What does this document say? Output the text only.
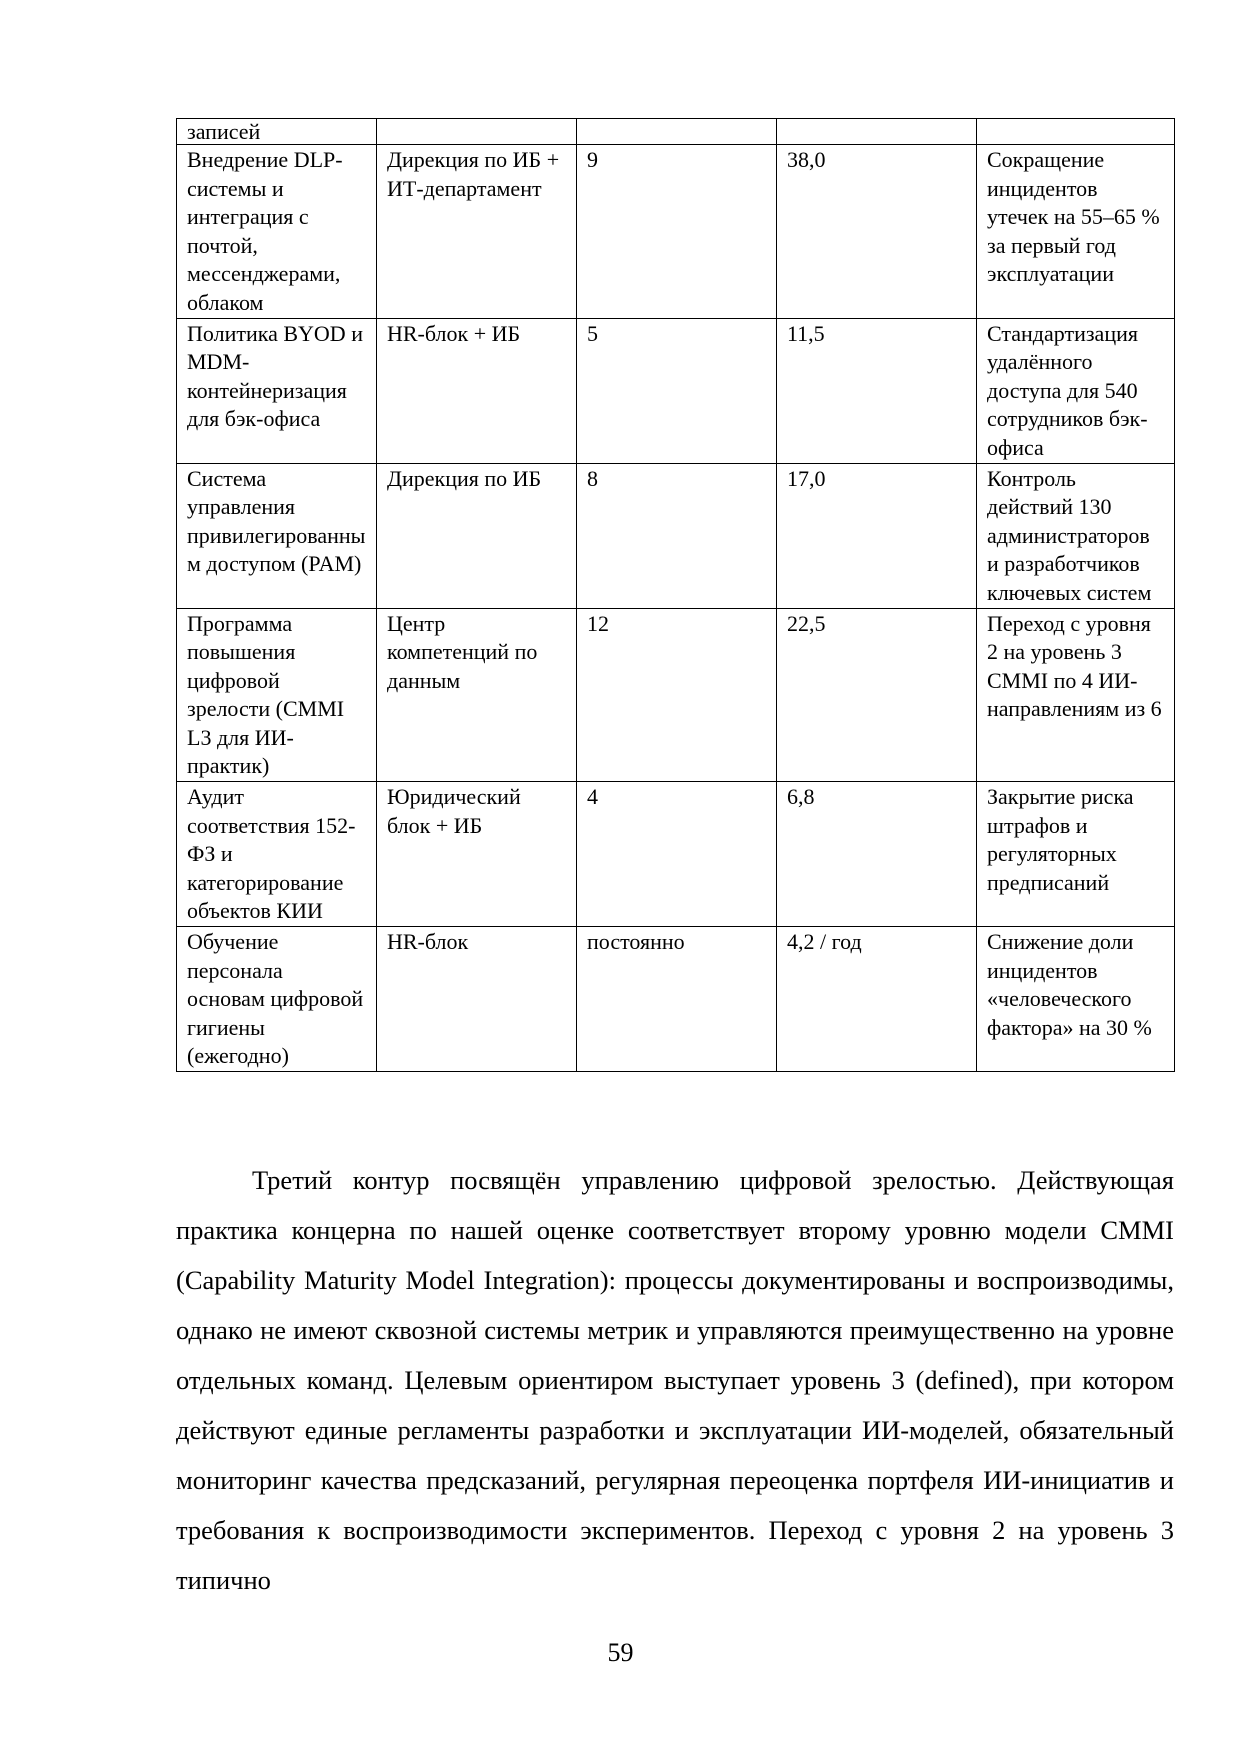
записей				
Внедрение DLP-системы и интеграция с почтой, мессенджерами, облаком	Дирекция по ИБ + ИТ-департамент	9	38,0	Сокращение инцидентов утечек на 55–65 % за первый год эксплуатации
Политика BYOD и MDM-контейнеризация для бэк-офиса	HR-блок + ИБ	5	11,5	Стандартизация удалённого доступа для 540 сотрудников бэк-офиса
Система управления привилегированным доступом (PAM)	Дирекция по ИБ	8	17,0	Контроль действий 130 администраторов и разработчиков ключевых систем
Программа повышения цифровой зрелости (CMMI L3 для ИИ-практик)	Центр компетенций по данным	12	22,5	Переход с уровня 2 на уровень 3 CMMI по 4 ИИ-направлениям из 6
Аудит соответствия 152-ФЗ и категорирование объектов КИИ	Юридический блок + ИБ	4	6,8	Закрытие риска штрафов и регуляторных предписаний
Обучение персонала основам цифровой гигиены (ежегодно)	HR-блок	постоянно	4,2 / год	Снижение доли инцидентов «человеческого фактора» на 30 %

Третий контур посвящён управлению цифровой зрелостью. Действующая практика концерна по нашей оценке соответствует второму уровню модели CMMI (Capability Maturity Model Integration): процессы документированы и воспроизводимы, однако не имеют сквозной системы метрик и управляются преимущественно на уровне отдельных команд. Целевым ориентиром выступает уровень 3 (defined), при котором действуют единые регламенты разработки и эксплуатации ИИ-моделей, обязательный мониторинг качества предсказаний, регулярная переоценка портфеля ИИ-инициатив и требования к воспроизводимости экспериментов. Переход с уровня 2 на уровень 3 типично

59
